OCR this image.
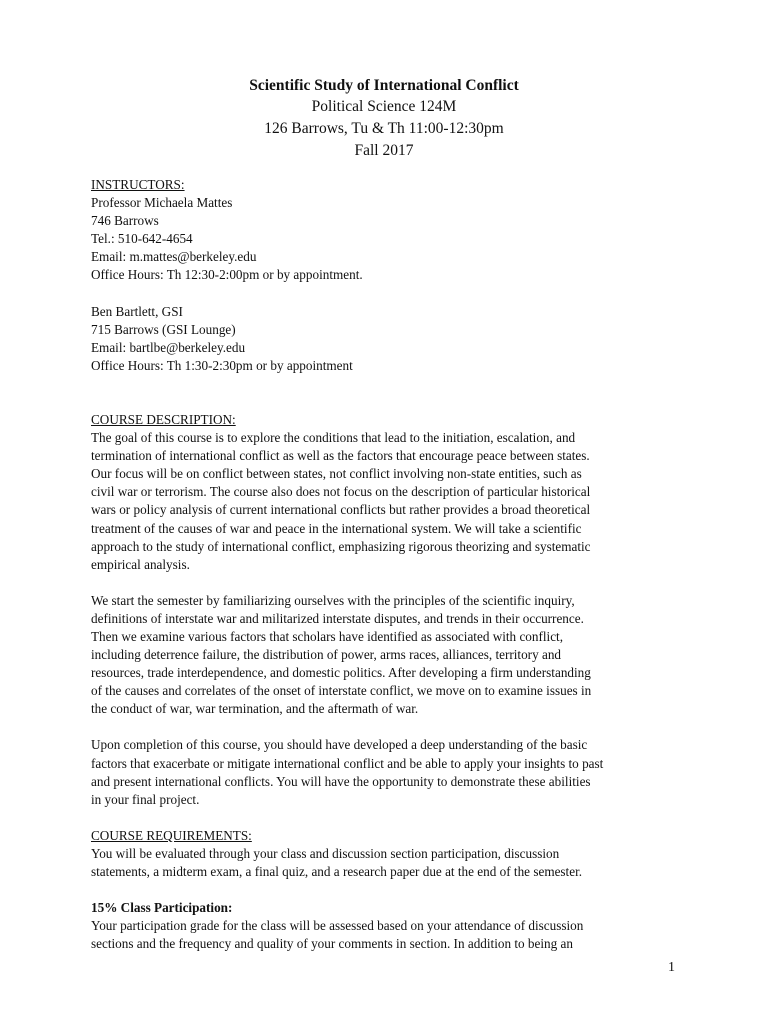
Scientific Study of International Conflict
Political Science 124M
126 Barrows, Tu & Th 11:00-12:30pm
Fall 2017
INSTRUCTORS:
Professor Michaela Mattes
746 Barrows
Tel.: 510-642-4654
Email: m.mattes@berkeley.edu
Office Hours: Th 12:30-2:00pm or by appointment.
Ben Bartlett, GSI
715 Barrows (GSI Lounge)
Email: bartlbe@berkeley.edu
Office Hours: Th 1:30-2:30pm or by appointment
COURSE DESCRIPTION:
The goal of this course is to explore the conditions that lead to the initiation, escalation, and
termination of international conflict as well as the factors that encourage peace between states.
Our focus will be on conflict between states, not conflict involving non-state entities, such as
civil war or terrorism. The course also does not focus on the description of particular historical
wars or policy analysis of current international conflicts but rather provides a broad theoretical
treatment of the causes of war and peace in the international system. We will take a scientific
approach to the study of international conflict, emphasizing rigorous theorizing and systematic
empirical analysis.
We start the semester by familiarizing ourselves with the principles of the scientific inquiry,
definitions of interstate war and militarized interstate disputes, and trends in their occurrence.
Then we examine various factors that scholars have identified as associated with conflict,
including deterrence failure, the distribution of power, arms races, alliances, territory and
resources, trade interdependence, and domestic politics. After developing a firm understanding
of the causes and correlates of the onset of interstate conflict, we move on to examine issues in
the conduct of war, war termination, and the aftermath of war.
Upon completion of this course, you should have developed a deep understanding of the basic
factors that exacerbate or mitigate international conflict and be able to apply your insights to past
and present international conflicts. You will have the opportunity to demonstrate these abilities
in your final project.
COURSE REQUIREMENTS:
You will be evaluated through your class and discussion section participation, discussion
statements, a midterm exam, a final quiz, and a research paper due at the end of the semester.
15% Class Participation:
Your participation grade for the class will be assessed based on your attendance of discussion
sections and the frequency and quality of your comments in section. In addition to being an
1
